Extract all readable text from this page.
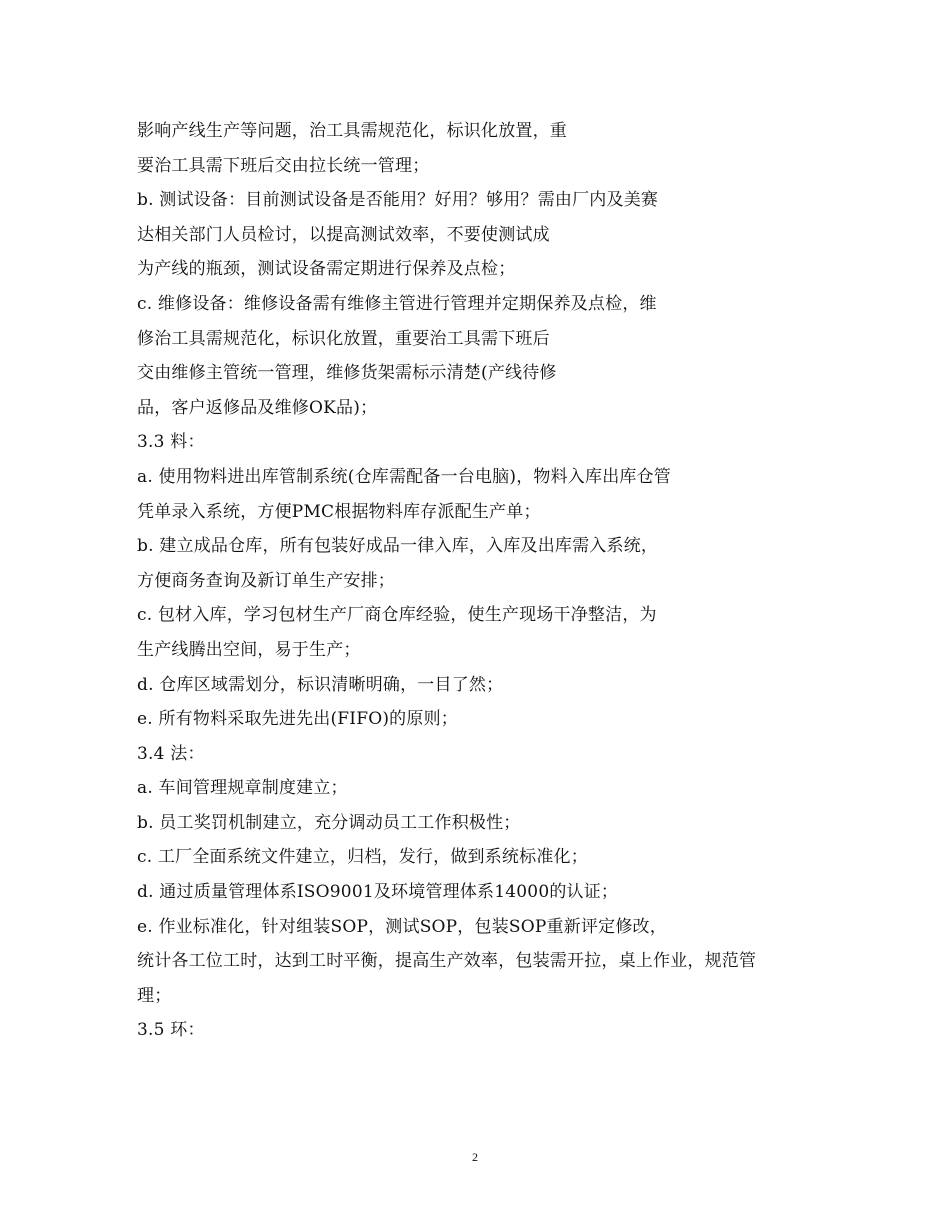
影响产线生产等问题，治工具需规范化，标识化放置，重
要治工具需下班后交由拉长统一管理；
b. 测试设备：目前测试设备是否能用？好用？够用？需由厂内及美赛
达相关部门人员检讨，以提高测试效率，不要使测试成
为产线的瓶颈，测试设备需定期进行保养及点检；
c. 维修设备：维修设备需有维修主管进行管理并定期保养及点检，维
修治工具需规范化，标识化放置，重要治工具需下班后
交由维修主管统一管理，维修货架需标示清楚(产线待修
品，客户返修品及维修OK品)；
3.3 料：
a. 使用物料进出库管制系统(仓库需配备一台电脑)，物料入库出库仓管
凭单录入系统，方便PMC根据物料库存派配生产单；
b. 建立成品仓库，所有包装好成品一律入库，入库及出库需入系统，
方便商务查询及新订单生产安排；
c. 包材入库，学习包材生产厂商仓库经验，使生产现场干净整洁，为
生产线腾出空间，易于生产；
d. 仓库区域需划分，标识清晰明确，一目了然；
e. 所有物料采取先进先出(FIFO)的原则；
3.4 法：
a. 车间管理规章制度建立；
b. 员工奖罚机制建立，充分调动员工工作积极性；
c. 工厂全面系统文件建立，归档，发行，做到系统标准化；
d. 通过质量管理体系ISO9001及环境管理体系14000的认证；
e. 作业标准化，针对组装SOP，测试SOP，包装SOP重新评定修改，
统计各工位工时，达到工时平衡，提高生产效率，包装需开拉，桌上作业，规范管
理；
3.5 环：
2
